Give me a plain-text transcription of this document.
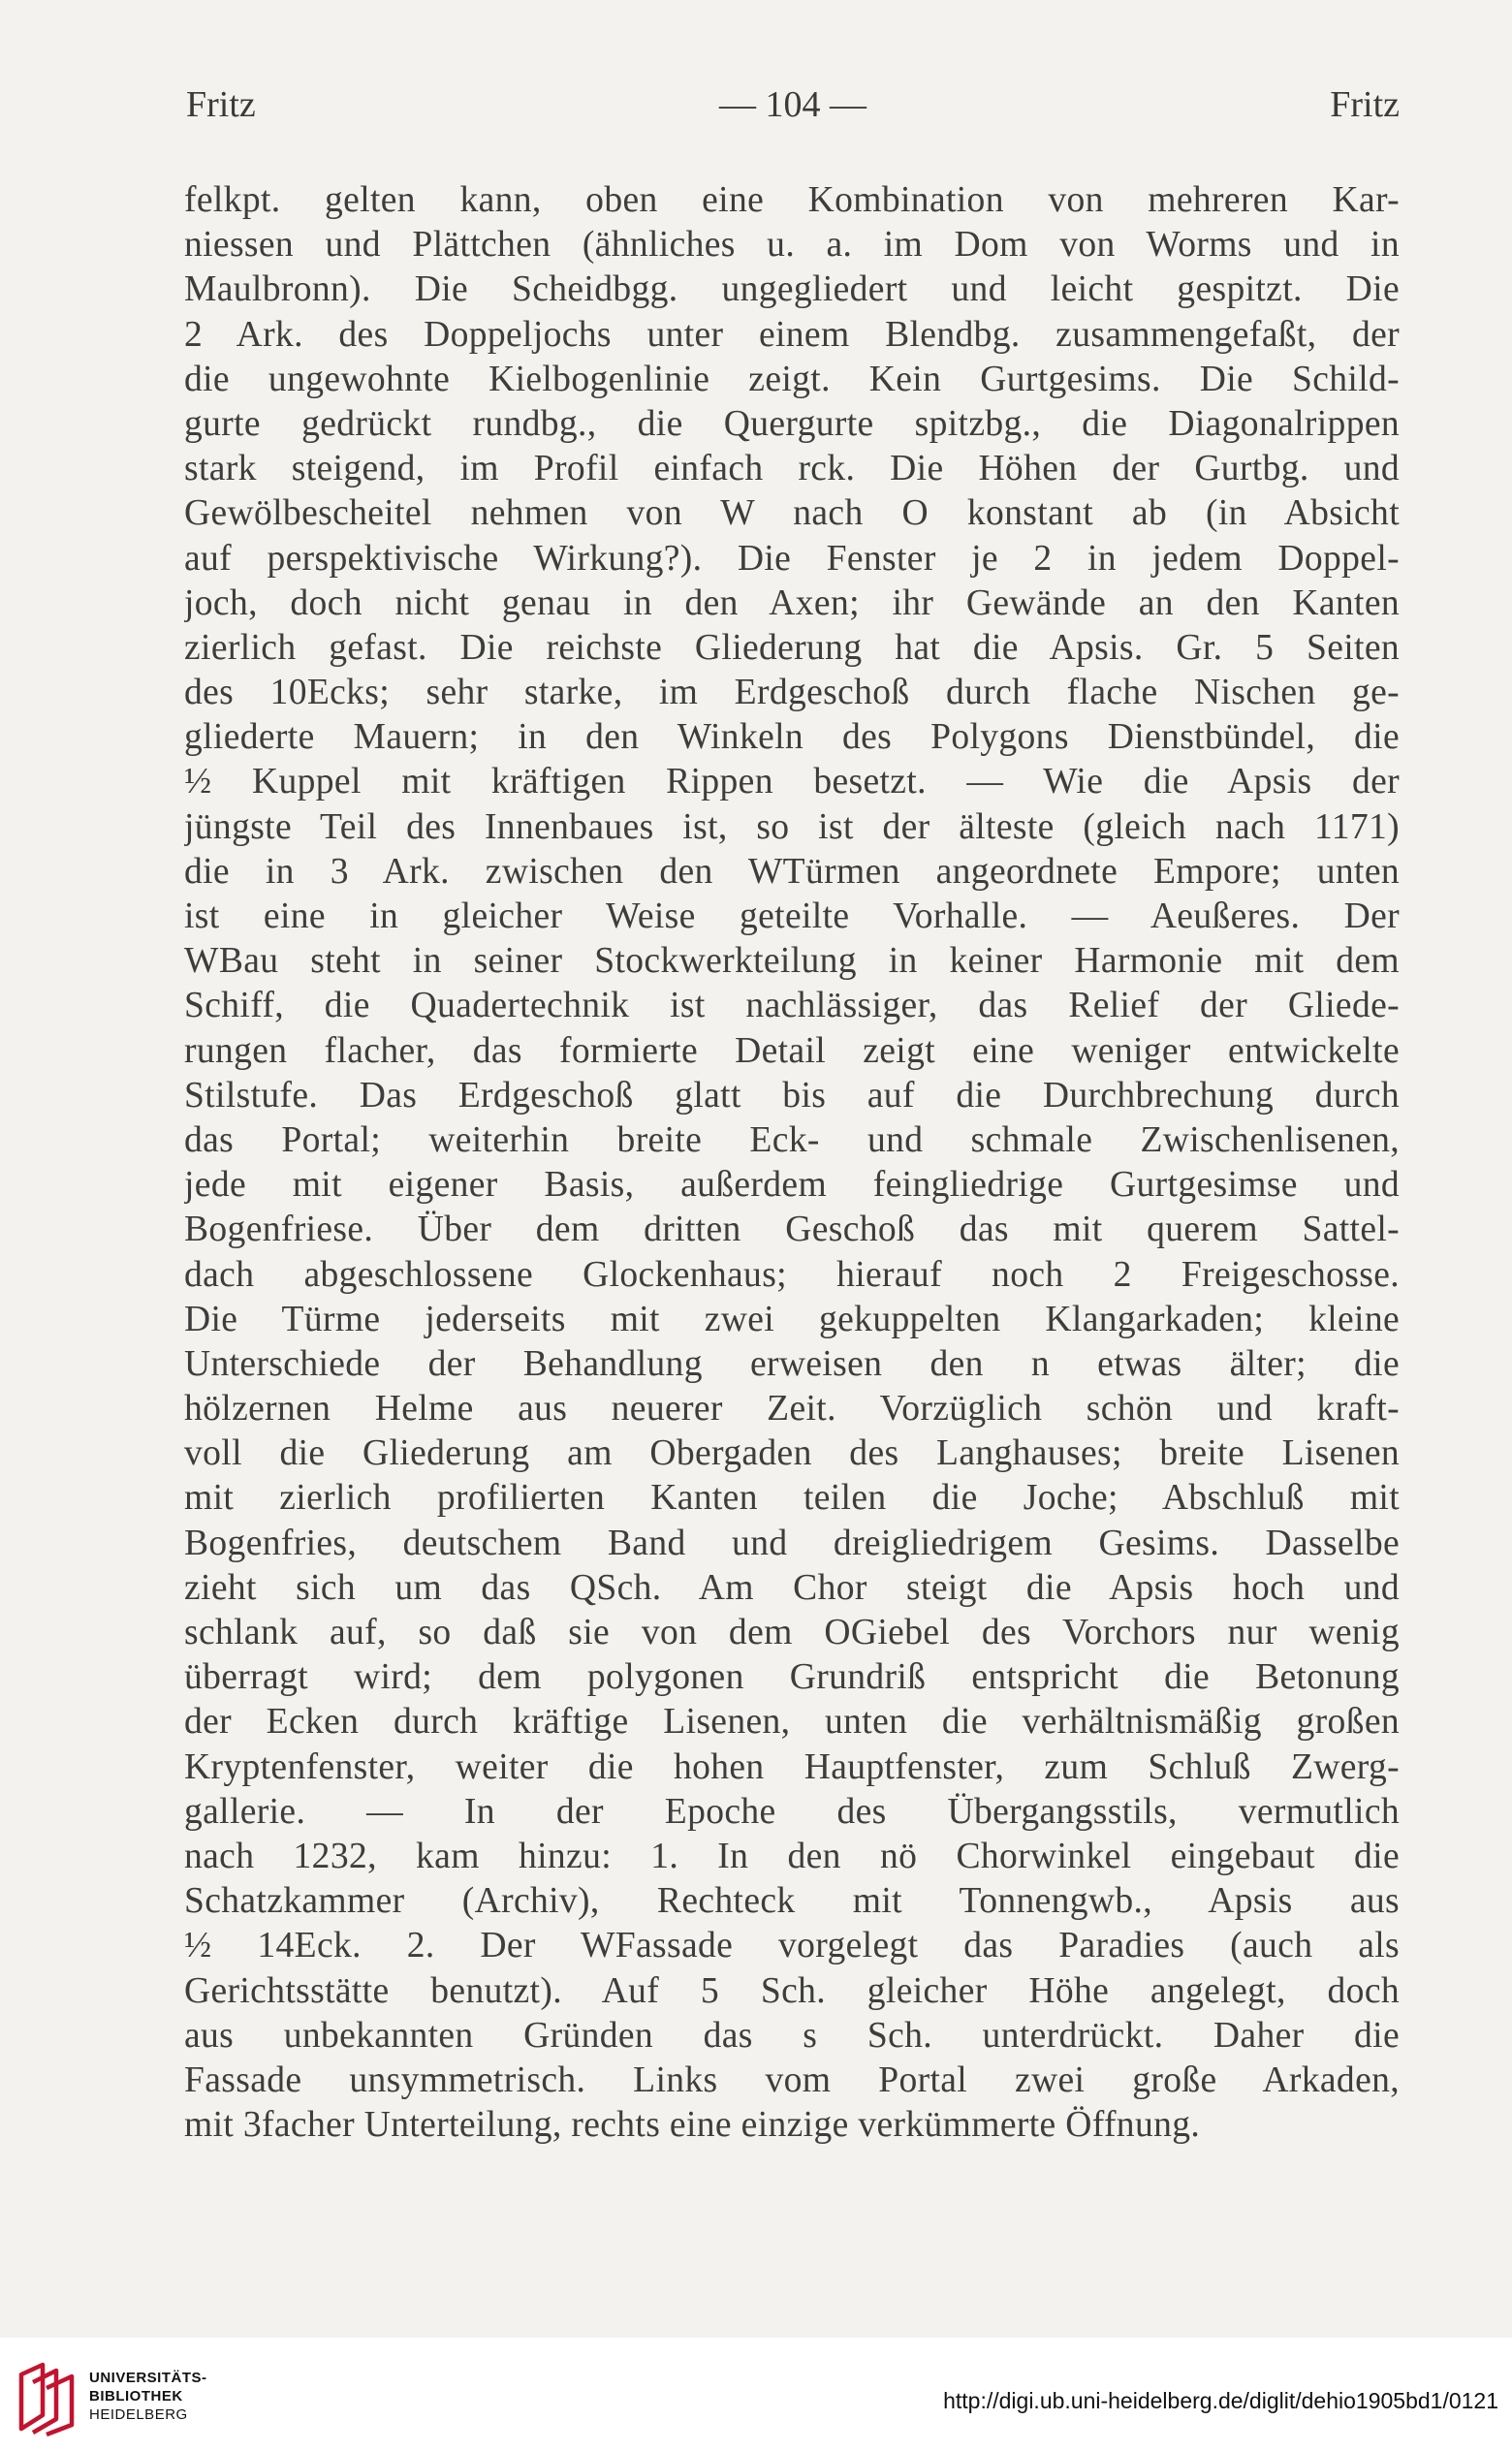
Fritz	— 104 —	Fritz
felkpt. gelten kann, oben eine Kombination von mehreren Kar-
niessen und Plättchen (ähnliches u. a. im Dom von Worms und in
Maulbronn). Die Scheidbgg. ungegliedert und leicht gespitzt. Die
2 Ark. des Doppeljochs unter einem Blendbg. zusammengefaßt, der
die ungewohnte Kielbogenlinie zeigt. Kein Gurtgesims. Die Schild-
gurte gedrückt rundbg., die Quergurte spitzbg., die Diagonalrippen
stark steigend, im Profil einfach rck. Die Höhen der Gurtbg. und
Gewölbescheitel nehmen von W nach O konstant ab (in Absicht
auf perspektivische Wirkung?). Die Fenster je 2 in jedem Doppel-
joch, doch nicht genau in den Axen; ihr Gewände an den Kanten
zierlich gefast. Die reichste Gliederung hat die Apsis. Gr. 5 Seiten
des 10Ecks; sehr starke, im Erdgeschoß durch flache Nischen ge-
gliederte Mauern; in den Winkeln des Polygons Dienstbündel, die
½ Kuppel mit kräftigen Rippen besetzt. — Wie die Apsis der
jüngste Teil des Innenbaues ist, so ist der älteste (gleich nach 1171)
die in 3 Ark. zwischen den WTürmen angeordnete Empore; unten
ist eine in gleicher Weise geteilte Vorhalle. — Aeußeres. Der
WBau steht in seiner Stockwerkteilung in keiner Harmonie mit dem
Schiff, die Quadertechnik ist nachlässiger, das Relief der Gliede-
rungen flacher, das formierte Detail zeigt eine weniger entwickelte
Stilstufe. Das Erdgeschoß glatt bis auf die Durchbrechung durch
das Portal; weiterhin breite Eck- und schmale Zwischenlisenen,
jede mit eigener Basis, außerdem feingliedrige Gurtgesimse und
Bogenfriese. Über dem dritten Geschoß das mit querem Sattel-
dach abgeschlossene Glockenhaus; hierauf noch 2 Freigeschosse.
Die Türme jederseits mit zwei gekuppelten Klangarkaden; kleine
Unterschiede der Behandlung erweisen den n etwas älter; die
hölzernen Helme aus neuerer Zeit. Vorzüglich schön und kraft-
voll die Gliederung am Obergaden des Langhauses; breite Lisenen
mit zierlich profilierten Kanten teilen die Joche; Abschluß mit
Bogenfries, deutschem Band und dreigliedrigem Gesims. Dasselbe
zieht sich um das QSch. Am Chor steigt die Apsis hoch und
schlank auf, so daß sie von dem OGiebel des Vorchors nur wenig
überragt wird; dem polygonen Grundriß entspricht die Betonung
der Ecken durch kräftige Lisenen, unten die verhältnismäßig großen
Kryptenfenster, weiter die hohen Hauptfenster, zum Schluß Zwerg-
gallerie. — In der Epoche des Übergangsstils, vermutlich
nach 1232, kam hinzu: 1. In den nö Chorwinkel eingebaut die
Schatzkammer (Archiv), Rechteck mit Tonnengwb., Apsis aus
½ 14Eck. 2. Der WFassade vorgelegt das Paradies (auch als
Gerichtsstätte benutzt). Auf 5 Sch. gleicher Höhe angelegt, doch
aus unbekannten Gründen das s Sch. unterdrückt. Daher die
Fassade unsymmetrisch. Links vom Portal zwei große Arkaden,
mit 3facher Unterteilung, rechts eine einzige verkümmerte Öffnung.
UNIVERSITÄTS-
BIBLIOTHEK
HEIDELBERG
http://digi.ub.uni-heidelberg.de/diglit/dehio1905bd1/0121
